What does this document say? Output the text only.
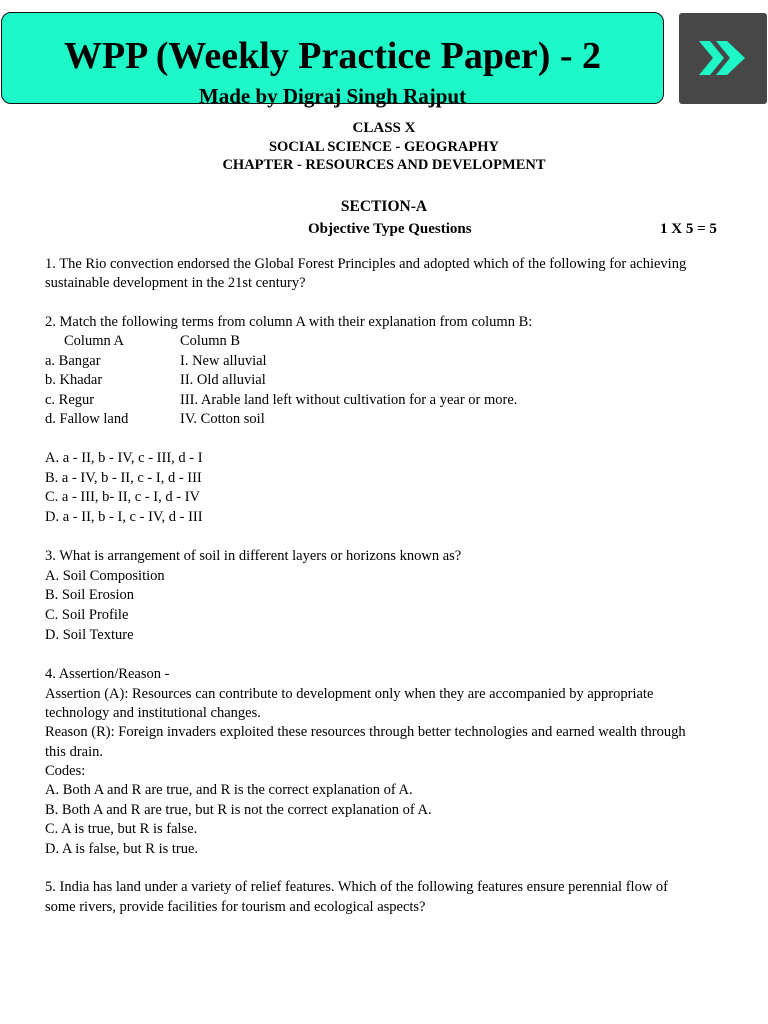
WPP (Weekly Practice Paper) - 2
Made by Digraj Singh Rajput
CLASS X
SOCIAL SCIENCE - GEOGRAPHY
CHAPTER - RESOURCES AND DEVELOPMENT
SECTION-A
Objective Type Questions	1 X 5 = 5
1. The Rio convection endorsed the Global Forest Principles and adopted which of the following for achieving
sustainable development in the 21st century?
2. Match the following terms from column A with their explanation from column B:
Column A	Column B
a. Bangar	I. New alluvial
b. Khadar	II. Old alluvial
c. Regur	III. Arable land left without cultivation for a year or more.
d. Fallow land	IV. Cotton soil
A. a - II, b - IV, c - III, d - I
B. a - IV, b - II, c - I, d - III
C. a - III, b- II, c - I, d - IV
D. a - II, b - I, c - IV, d - III
3. What is arrangement of soil in different layers or horizons known as?
A. Soil Composition
B. Soil Erosion
C. Soil Profile
D. Soil Texture
4. Assertion/Reason -
Assertion (A): Resources can contribute to development only when they are accompanied by appropriate
technology and institutional changes.
Reason (R): Foreign invaders exploited these resources through better technologies and earned wealth through
this drain.
Codes:
A. Both A and R are true, and R is the correct explanation of A.
B. Both A and R are true, but R is not the correct explanation of A.
C. A is true, but R is false.
D. A is false, but R is true.
5. India has land under a variety of relief features. Which of the following features ensure perennial flow of
some rivers, provide facilities for tourism and ecological aspects?
